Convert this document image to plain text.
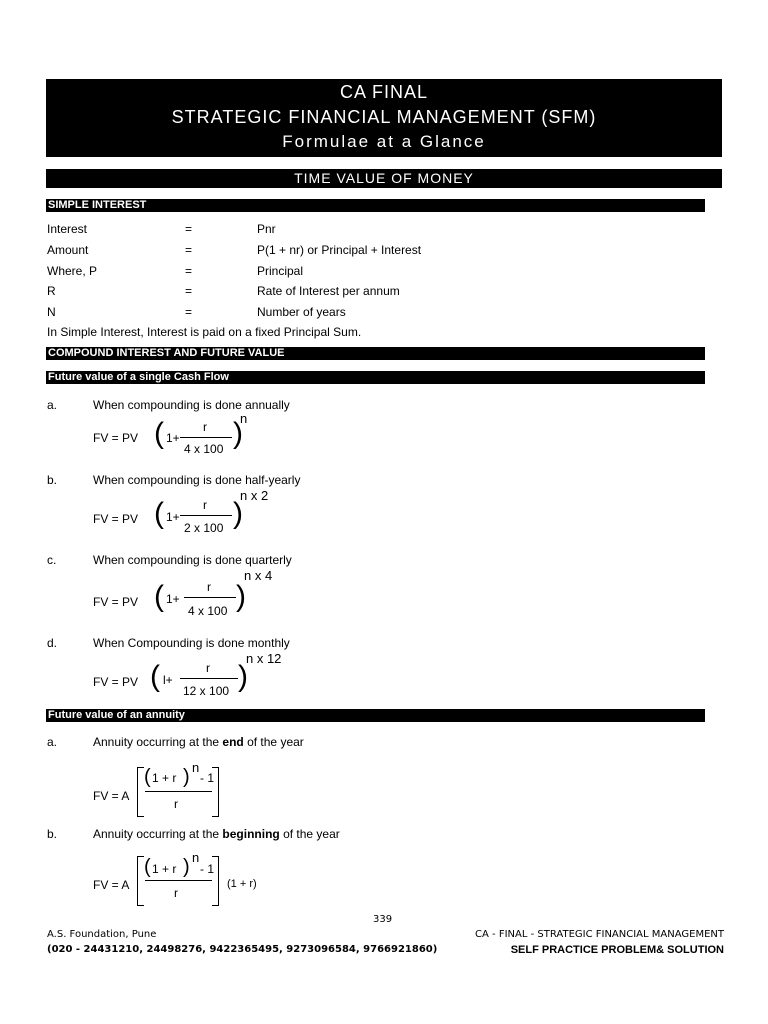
CA FINAL
STRATEGIC FINANCIAL MANAGEMENT (SFM)
Formulae at a Glance
TIME VALUE OF MONEY
SIMPLE INTEREST
Interest	=	Pnr
Amount	=	P(1 + nr) or Principal + Interest
Where, P	=	Principal
R	=	Rate of Interest per annum
N	=	Number of years
In Simple Interest, Interest is paid on a fixed Principal Sum.
COMPOUND INTEREST AND FUTURE VALUE
Future value of a single Cash Flow
a.	When compounding is done annually
FV = PV ( 1+
r
4 x 100 )
n
b.	When compounding is done half-yearly
FV = PV ( 1+
r
2 x 100 )
n x 2
c.	When compounding is done quarterly
FV = PV ( 1+
r
4 x 100 )
n x 4
d.	When Compounding is done monthly
FV = PV ( l+
r
12 x 100 )
n x 12
Future value of an annuity
a.	Annuity occurring at the end of the year
FV = A
( 1 + r ) n
- 1
r
b.	Annuity occurring at the beginning of the year
FV = A
( 1 + r ) n
- 1
r
(1 + r)
339
A.S. Foundation, Pune
(020 - 24431210, 24498276, 9422365495, 9273096584, 9766921860)
CA - FINAL - STRATEGIC FINANCIAL MANAGEMENT
SELF PRACTICE PROBLEM& SOLUTION
